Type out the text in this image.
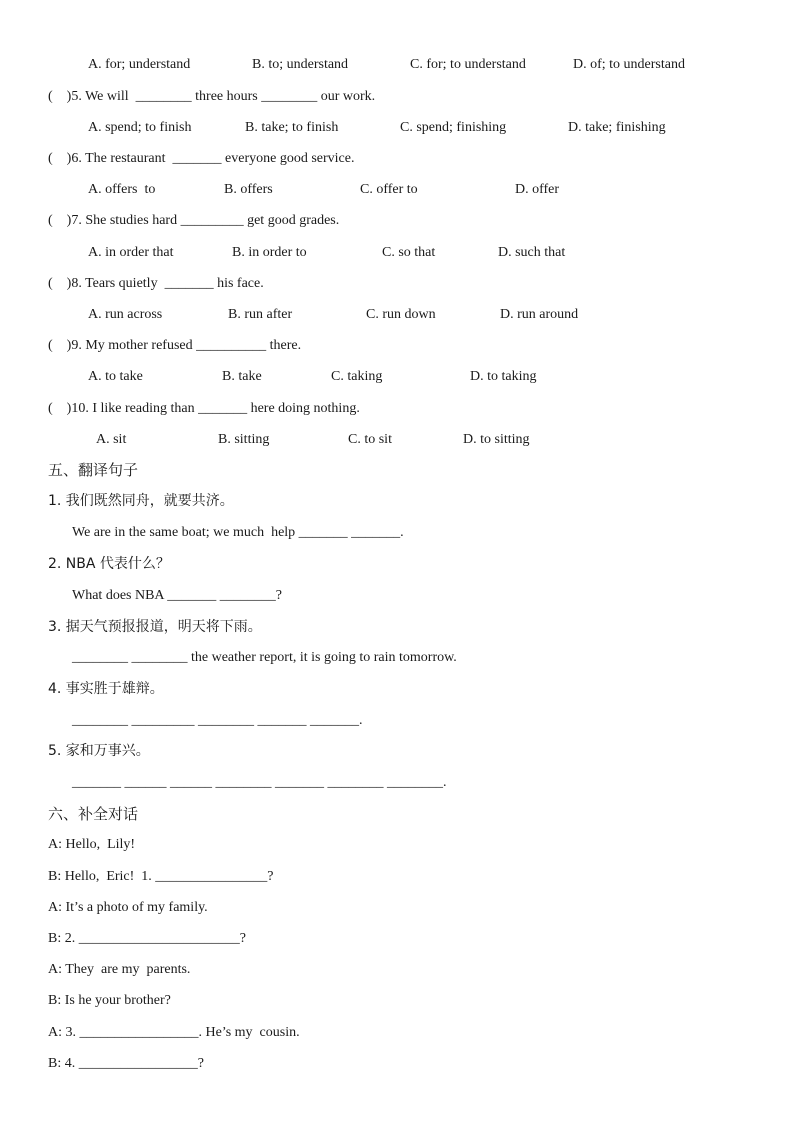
A. for; understand	B. to; understand	C. for; to understand	D. of; to understand
(    )5. We will  ________ three hours ________ our work.
A. spend; to finish	B. take; to finish	C. spend; finishing	D. take; finishing
(    )6. The restaurant  _______ everyone good service.
A. offers  to	B. offers	C. offer to	D. offer
(    )7. She studies hard _________ get good grades.
A. in order that	B. in order to	C. so that	D. such that
(    )8. Tears quietly  _______ his face.
A. run across	B. run after	C. run down	D. run around
(    )9. My mother refused __________ there.
A. to take	B. take	C. taking	D. to taking
(    )10. I like reading than _______ here doing nothing.
A. sit	B. sitting	C. to sit	D. to sitting
五、翻译句子
1. 我们既然同舟，就要共济。
We are in the same boat; we much  help _______ _______.
2. NBA 代表什么？
What does NBA _______ ________?
3. 据天气预报报道，明天将下雨。
________ ________ the weather report, it is going to rain tomorrow.
4. 事实胜于雄辩。
________ _________ ________ _______ _______.
5. 家和万事兴。
_______ ______ ______ ________ _______ ________ ________.
六、补全对话
A: Hello,  Lily!
B: Hello,  Eric!  1. ________________?
A: It’s a photo of my family.
B: 2. _______________________?
A: They  are my  parents.
B: Is he your brother?
A: 3. _________________. He’s my  cousin.
B: 4. _________________?
